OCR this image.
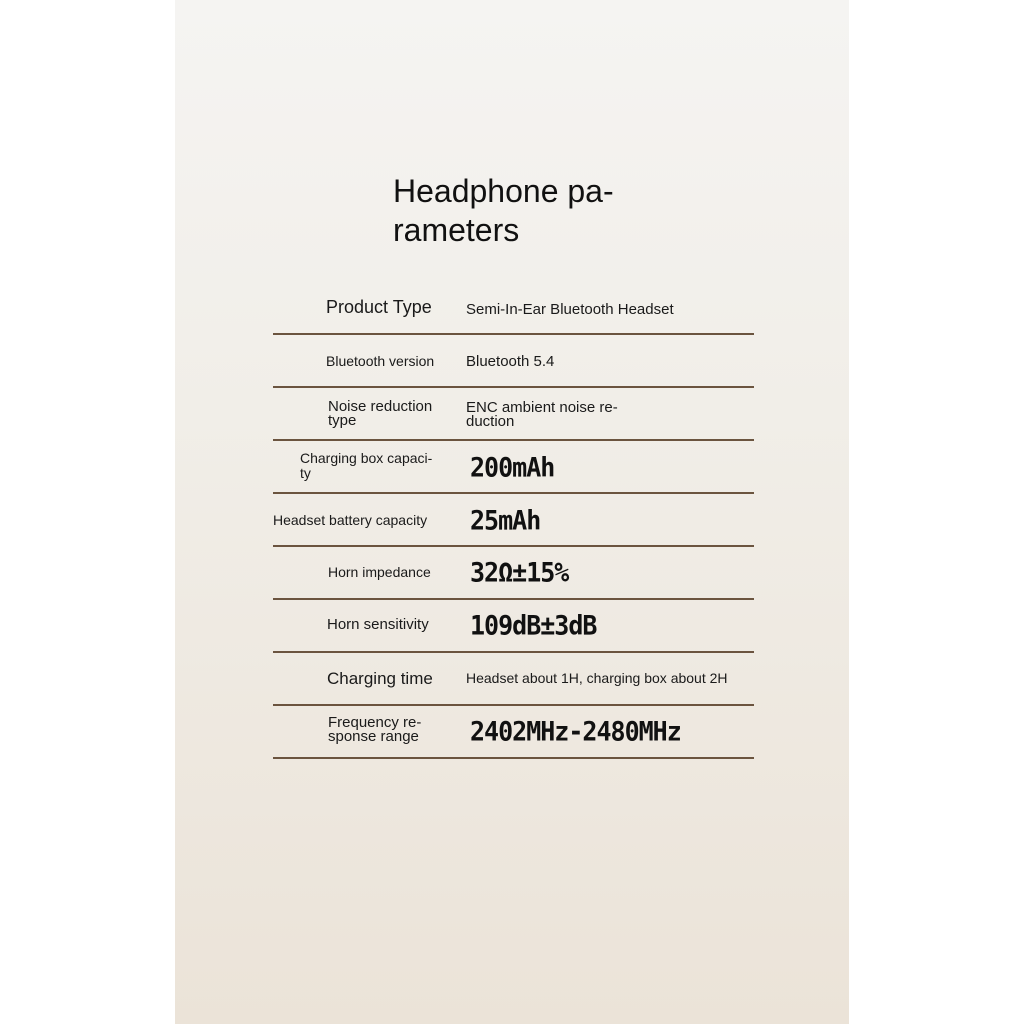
Headphone pa-
rameters
Product Type Semi-In-Ear Bluetooth Headset
Bluetooth version Bluetooth 5.4
Noise reduction
type
ENC ambient noise re-
duction
Charging box capaci-
ty	200mAh
Headset battery capacity 25mAh
Horn impedance 32Ω±15%
Horn sensitivity 109dB±3dB
Charging time Headset about 1H, charging box about 2H
Frequency re-
sponse range 2402MHz-2480MHz
